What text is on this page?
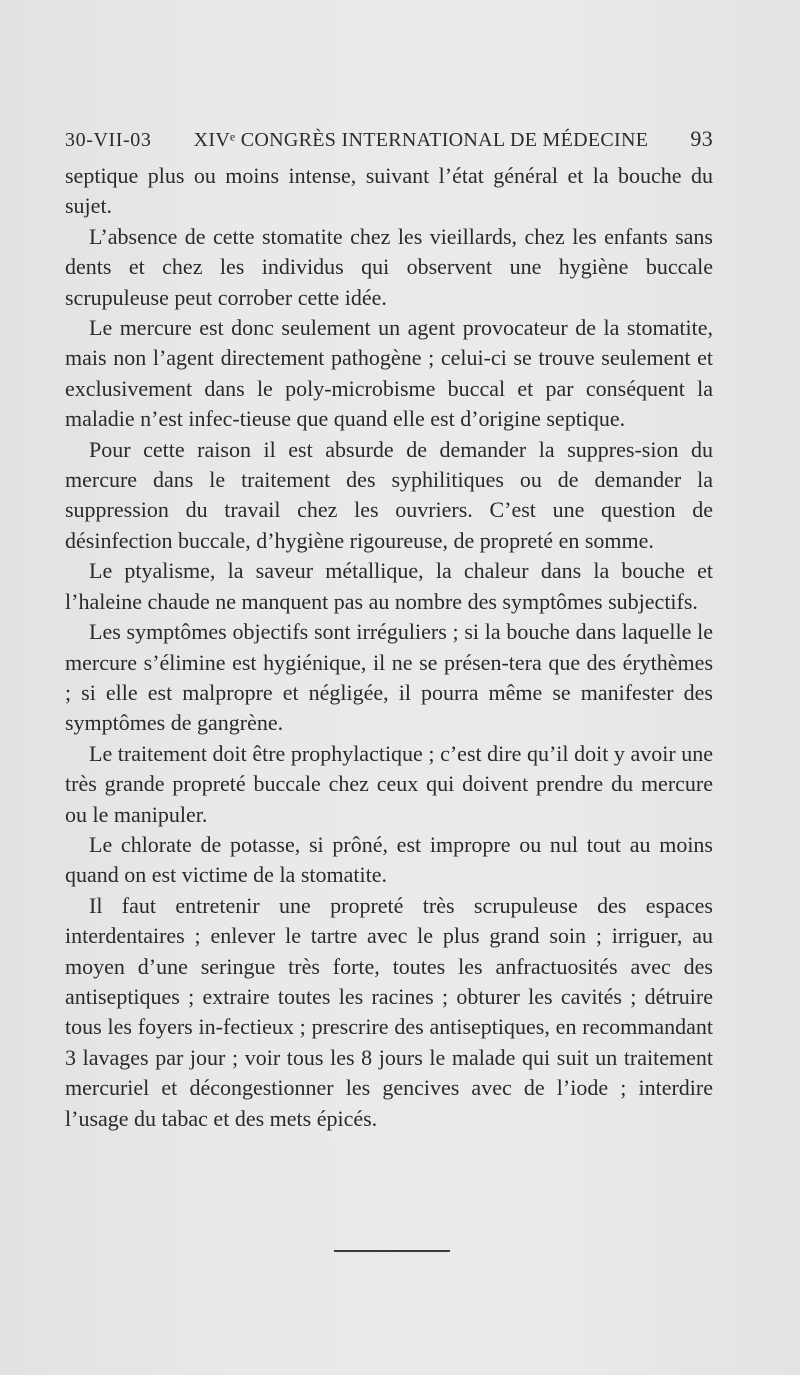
30-VII-03	XIVᵉ CONGRÈS INTERNATIONAL DE MÉDECINE	93

septique plus ou moins intense, suivant l’état général et la bouche du sujet.

L’absence de cette stomatite chez les vieillards, chez les enfants sans dents et chez les individus qui observent une hygiène buccale scrupuleuse peut corrober cette idée.

Le mercure est donc seulement un agent provocateur de la stomatite, mais non l’agent directement pathogène ; celui-ci se trouve seulement et exclusivement dans le poly-microbisme buccal et par conséquent la maladie n’est infec-tieuse que quand elle est d’origine septique.

Pour cette raison il est absurde de demander la suppres-sion du mercure dans le traitement des syphilitiques ou de demander la suppression du travail chez les ouvriers. C’est une question de désinfection buccale, d’hygiène rigoureuse, de propreté en somme.

Le ptyalisme, la saveur métallique, la chaleur dans la bouche et l’haleine chaude ne manquent pas au nombre des symptômes subjectifs.

Les symptômes objectifs sont irréguliers ; si la bouche dans laquelle le mercure s’élimine est hygiénique, il ne se présen-tera que des érythèmes ; si elle est malpropre et négligée, il pourra même se manifester des symptômes de gangrène.

Le traitement doit être prophylactique ; c’est dire qu’il doit y avoir une très grande propreté buccale chez ceux qui doivent prendre du mercure ou le manipuler.

Le chlorate de potasse, si prôné, est impropre ou nul tout au moins quand on est victime de la stomatite.

Il faut entretenir une propreté très scrupuleuse des espaces interdentaires ; enlever le tartre avec le plus grand soin ; irriguer, au moyen d’une seringue très forte, toutes les anfractuosités avec des antiseptiques ; extraire toutes les racines ; obturer les cavités ; détruire tous les foyers in-fectieux ; prescrire des antiseptiques, en recommandant 3 lavages par jour ; voir tous les 8 jours le malade qui suit un traitement mercuriel et décongestionner les gencives avec de l’iode ; interdire l’usage du tabac et des mets épicés.
